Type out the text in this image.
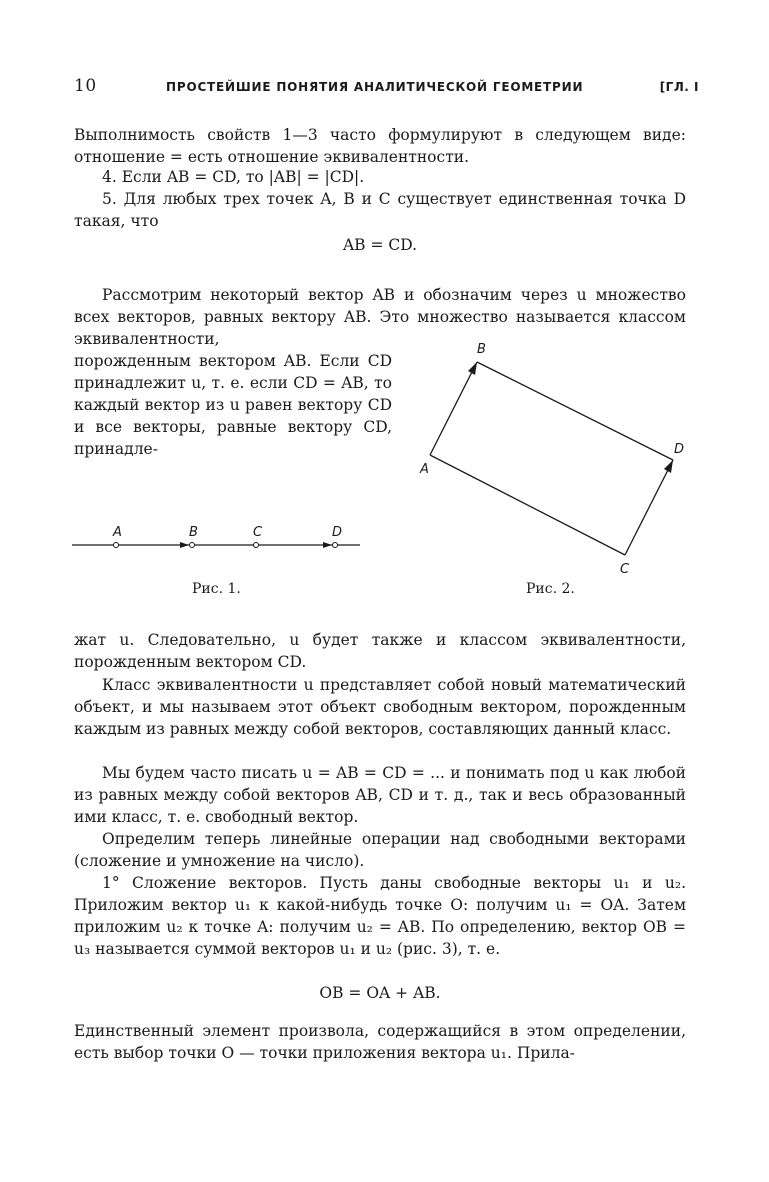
10	ПРОСТЕЙШИЕ ПОНЯТИЯ АНАЛИТИЧЕСКОЙ ГЕОМЕТРИИ	[ГЛ. I
Выполнимость свойств 1—3 часто формулируют в следующем виде: отношение = есть отношение эквивалентности.
4. Если AB = CD, то |AB| = |CD|.
5. Для любых трех точек A, B и C существует единственная точка D такая, что
AB = CD.
Рассмотрим некоторый вектор AB и обозначим через u множество всех векторов, равных вектору AB. Это множество называется классом эквивалентности,
порожденным вектором AB. Если CD принадлежит u, т. е. если CD = AB, то каждый вектор из u равен вектору CD и все векторы, равные вектору CD, принадле-
A	B	C	D
Рис. 1.
A
B
C
D
Рис. 2.
жат u. Следовательно, u будет также и классом эквивалентности, порожденным вектором CD.
Класс эквивалентности u представляет собой новый математический объект, и мы называем этот объект свободным вектором, порожденным каждым из равных между собой векторов, составляющих данный класс.
Мы будем часто писать u = AB = CD = ... и понимать под u как любой из равных между собой векторов AB, CD и т. д., так и весь образованный ими класс, т. е. свободный вектор.
Определим теперь линейные операции над свободными векторами (сложение и умножение на число).
1° Сложение векторов. Пусть даны свободные векторы u₁ и u₂. Приложим вектор u₁ к какой-нибудь точке O: получим u₁ = OA. Затем приложим u₂ к точке A: получим u₂ = AB. По определению, вектор OB = u₃ называется суммой векторов u₁ и u₂ (рис. 3), т. е.
OB = OA + AB.
Единственный элемент произвола, содержащийся в этом определении, есть выбор точки O — точки приложения вектора u₁. Прила-
